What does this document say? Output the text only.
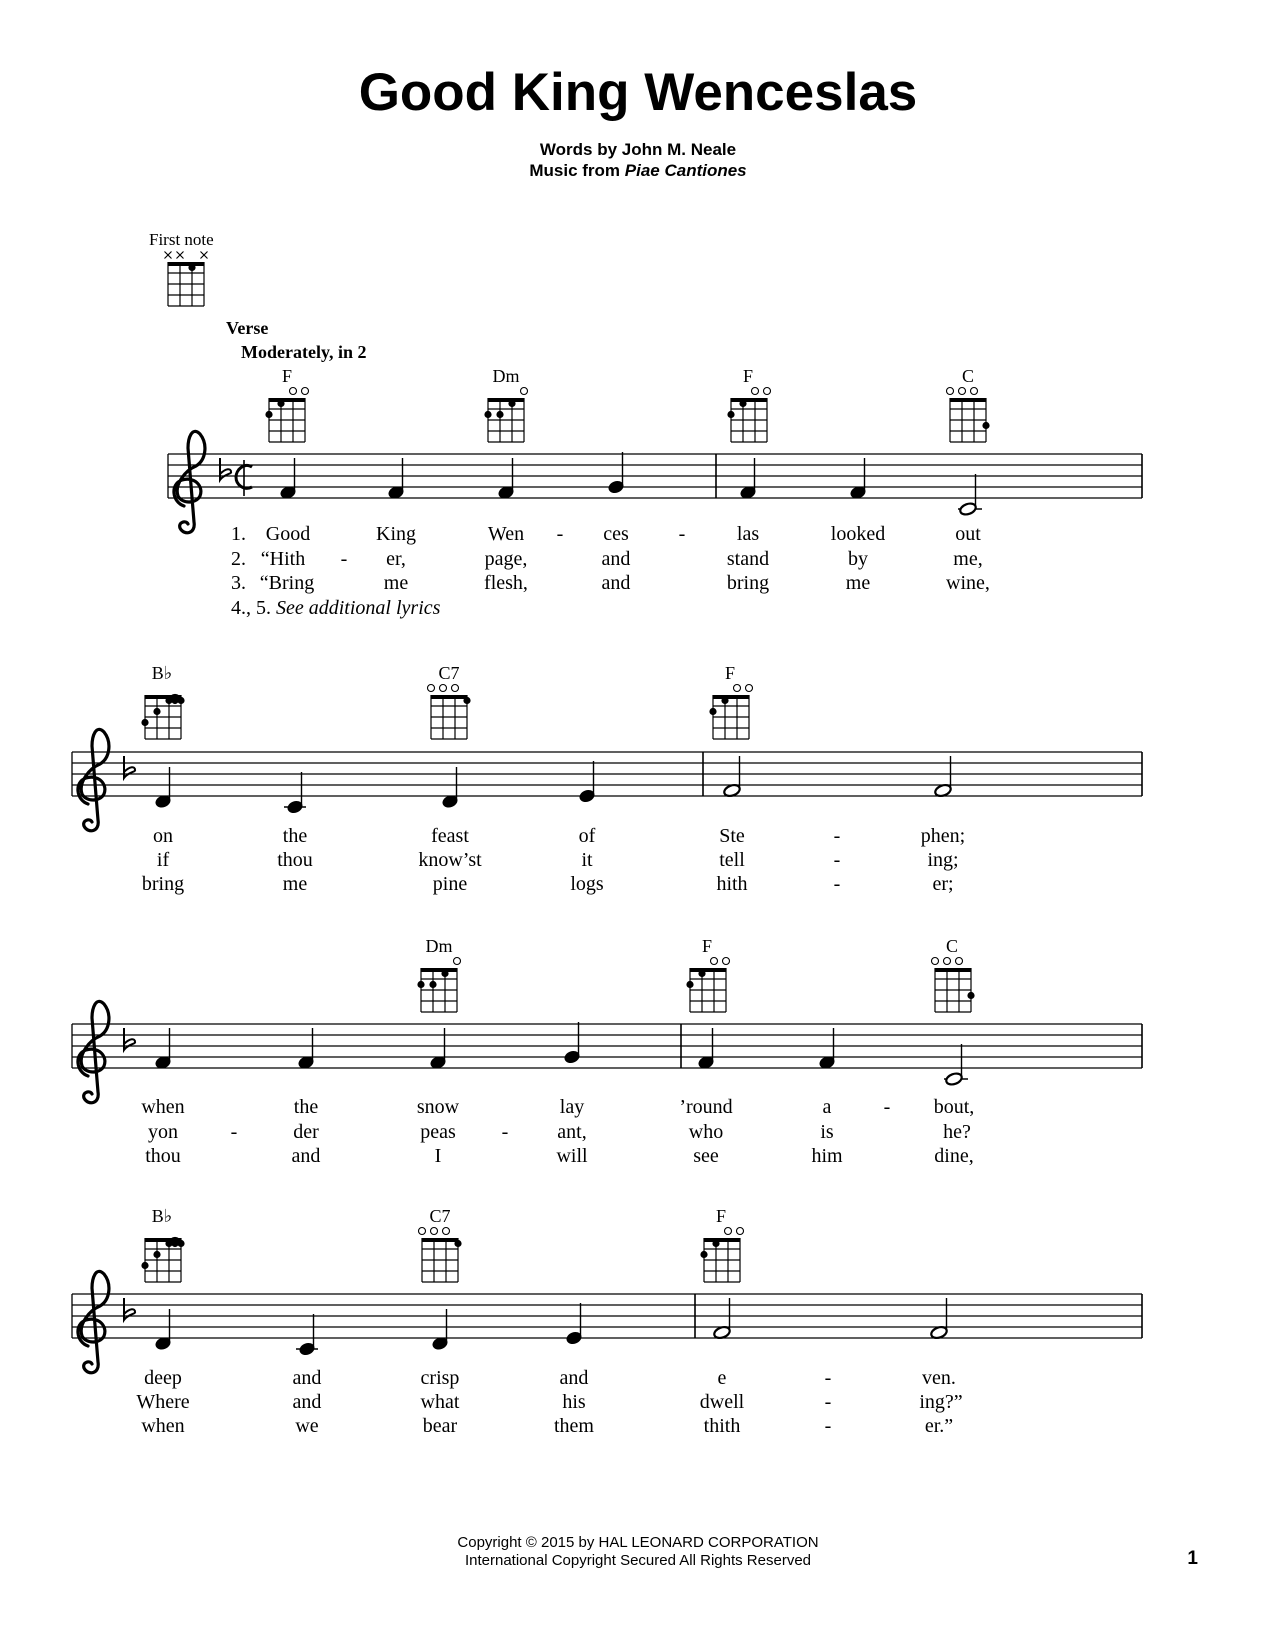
Good King Wenceslas
Words by John M. Neale
Music from Piae Cantiones
First note
Verse
Moderately, in 2
F	Dm	F	C
B♭	C7	F
Dm	F	C
B♭	C7	F
1. Good	King	Wen - ces -	las	looked	out
2. “Hith - er,	page,	and	stand	by	me,
3. “Bring	me	flesh,	and	bring	me	wine,
4., 5. See additional lyrics
on	the	feast	of	Ste	-	phen;
if	thou	know’st	it	tell	-	ing;
bring	me	pine	logs	hith	-	er;
when	the	snow	lay	’round	a	- bout,
yon	-	der	peas - ant,	who	is	he?
thou	and	I	will	see	him	dine,
deep	and	crisp	and	e	-	ven.
Where	and	what	his	dwell	-	ing?”
when	we	bear	them	thith	-	er.”
Copyright © 2015 by HAL LEONARD CORPORATION
International Copyright Secured All Rights Reserved	1
